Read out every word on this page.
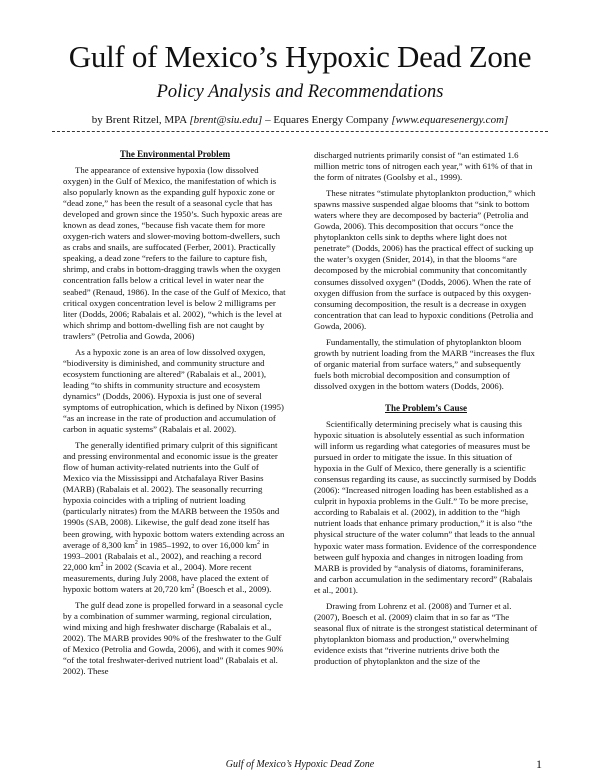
Gulf of Mexico’s Hypoxic Dead Zone
Policy Analysis and Recommendations
by Brent Ritzel, MPA [brent@siu.edu] – Equares Energy Company [www.equaresenergy.com]
The Environmental Problem

The appearance of extensive hypoxia (low dissolved oxygen) in the Gulf of Mexico, the manifestation of which is also popularly known as the expanding gulf hypoxic zone or “dead zone,” has been the result of a seasonal cycle that has developed and grown since the 1950’s. Such hypoxic areas are known as dead zones, “because fish vacate them for more oxygen-rich waters and slower-moving bottom-dwellers, such as crabs and snails, are suffocated (Ferber, 2001). Practically speaking, a dead zone “refers to the failure to capture fish, shrimp, and crabs in bottom-dragging trawls when the oxygen concentration falls below a critical level in water near the seabed” (Renaud, 1986). In the case of the Gulf of Mexico, that critical oxygen concentration level is below 2 milligrams per liter (Dodds, 2006; Rabalais et al. 2002), “which is the level at which shrimp and bottom-dwelling fish are not caught by trawlers” (Petrolia and Gowda, 2006)

As a hypoxic zone is an area of low dissolved oxygen, “biodiversity is diminished, and community structure and ecosystem functioning are altered” (Rabalais et al., 2001), leading “to shifts in community structure and ecosystem dynamics” (Dodds, 2006). Hypoxia is just one of several symptoms of eutrophication, which is defined by Nixon (1995) “as an increase in the rate of production and accumulation of carbon in aquatic systems” (Rabalais et al. 2002).

The generally identified primary culprit of this significant and pressing environmental and economic issue is the greater flow of human activity-related nutrients into the Gulf of Mexico via the Mississippi and Atchafalaya River Basins (MARB) (Rabalais et al. 2002). The seasonally recurring hypoxia coincides with a tripling of nutrient loading (particularly nitrates) from the MARB between the 1950s and 1990s (SAB, 2008). Likewise, the gulf dead zone itself has been growing, with hypoxic bottom waters extending across an average of 8,300 $km^2$ in 1985–1992, to over 16,000 $km^2$ in 1993–2001 (Rabalais et al., 2002), and reaching a record 22,000 $km^2$ in 2002 (Scavia et al., 2004). More recent measurements, during July 2008, have placed the extent of hypoxic bottom waters at 20,720 $km^2$ (Boesch et al., 2009).

The gulf dead zone is propelled forward in a seasonal cycle by a combination of summer warming, regional circulation, wind mixing and high freshwater discharge (Rabalais et al., 2002). The MARB provides 90% of the freshwater to the Gulf of Mexico (Petrolia and Gowda, 2006), and with it comes 90% “of the total freshwater-derived nutrient load” (Rabalais et al. 2002). These

discharged nutrients primarily consist of “an estimated 1.6 million metric tons of nitrogen each year,” with 61% of that in the form of nitrates (Goolsby et al., 1999).

These nitrates “stimulate phytoplankton production,” which spawns massive suspended algae blooms that “sink to bottom waters where they are decomposed by bacteria” (Petrolia and Gowda, 2006). This decomposition that occurs “once the phytoplankton cells sink to depths where light does not penetrate” (Dodds, 2006) has the practical effect of sucking up the water’s oxygen (Snider, 2014), in that the blooms “are decomposed by the microbial community that concomitantly consumes dissolved oxygen” (Dodds, 2006). When the rate of oxygen diffusion from the surface is outpaced by this oxygen-consuming decomposition, the result is a decrease in oxygen concentration that can lead to hypoxic conditions (Petrolia and Gowda, 2006).

Fundamentally, the stimulation of phytoplankton bloom growth by nutrient loading from the MARB “increases the flux of organic material from surface waters,” and subsequently fuels both microbial decomposition and consumption of dissolved oxygen in the bottom waters (Dodds, 2006).

The Problem’s Cause

Scientifically determining precisely what is causing this hypoxic situation is absolutely essential as such information will inform us regarding what categories of measures must be pursued in order to mitigate the issue. In this situation of hypoxia in the Gulf of Mexico, there generally is a scientific consensus regarding its cause, as succinctly surmised by Dodds (2006): “Increased nitrogen loading has been established as a culprit in hypoxia problems in the Gulf.” To be more precise, according to Rabalais et al. (2002), in addition to the “high nutrient loads that enhance primary production,” it is also “the physical structure of the water column” that leads to the annual hypoxic water mass formation. Evidence of the correspondence between gulf hypoxia and changes in nitrogen loading from MARB is provided by “analysis of diatoms, foraminiferans, and carbon accumulation in the sedimentary record” (Rabalais et al., 2001).

Drawing from Lohrenz et al. (2008) and Turner et al. (2007), Boesch et al. (2009) claim that in so far as “The seasonal flux of nitrate is the strongest statistical determinant of phytoplankton biomass and production,” overwhelming evidence exists that “riverine nutrients drive both the production of phytoplankton and the size of the

Gulf of Mexico’s Hypoxic Dead Zone	1
